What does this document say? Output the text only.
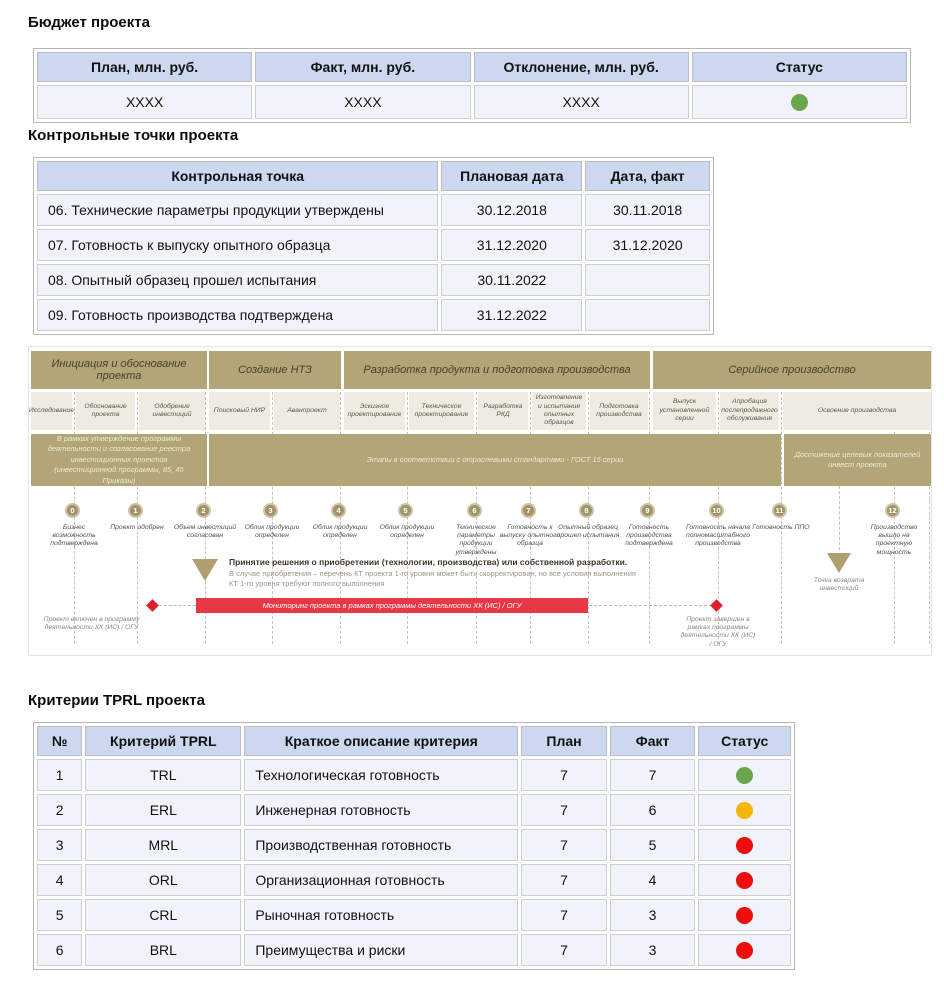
Бюджет проекта
План, млн. руб.	Факт, млн. руб.	Отклонение, млн. руб.	Статус
XXXX	XXXX	XXXX	
Контрольные точки проекта
Контрольная точка	Плановая дата	Дата, факт
06. Технические параметры продукции утверждены	30.12.2018	30.11.2018
07. Готовность к выпуску опытного образца	31.12.2020	31.12.2020
08. Опытный образец прошел испытания	30.11.2022	
09. Готовность производства подтверждена	31.12.2022	
Инициация и обоснование проекта	Создание НТЗ	Разработка продукта и подготовка производства	Серийное производство
Исследование
Обоснование проекта
Одобрение инвестиций
Поисковый НИР	Аванпроект
Эскизное проектирование
Техническое проектирование
Разработка РКД
Изготовление и испытания опытных образцов
Подготовка производства
Выпуск установленной серии
Апробация послепродажного обслуживания
Освоение производства
В рамках утверждение программы деятельности и согласование реестра инвестиционных проектов (инвестиционной программы, 85, 45 Приказы)
Этапы в соответствии с отраслевыми стандартами - ГОСТ 15 серии
Достижение целевых показателей инвест проекта
0
Бизнес возможность подтверждена
1
Проект одобрен
2
Объем инвестиций согласован
3
Облик продукции определен
4
Облик продукции определен
5
Облик продукции определен
6
Технические параметры продукции утверждены
7
Готовность к выпуску опытного образца
8
Опытный образец прошел испытания
9
Готовность производства подтверждена
10
Готовность начала полномасштабного производства
11
Готовность ППО
12
Производство вышло на проектную мощность
Принятие решения о приобретении (технологии, производства) или собственной разработки.
В случае приобретения – перечень КТ проекта 1-го уровня может быть скорректирован, но все условия выполнения
КТ 1-го уровня требуют полного выполнения
Мониторинг проекта в рамках программы деятельности ХК (ИС) / ОГУ
Проект включен в программу деятельности ХК (ИС) / ОГУ
Проект завершен в рамках программы деятельности ХК (ИС) / ОГУ
Точка возврата инвестиций
Критерии TPRL проекта
№	Критерий TPRL	Краткое описание критерия	План	Факт	Статус
1	TRL	Технологическая готовность	7	7	

2	ERL	Инженерная готовность	7	6	

3	MRL	Производственная готовность	7	5	

4	ORL	Организационная готовность	7	4	

5	CRL	Рыночная готовность	7	3	

6	BRL	Преимущества и риски	7	3	
